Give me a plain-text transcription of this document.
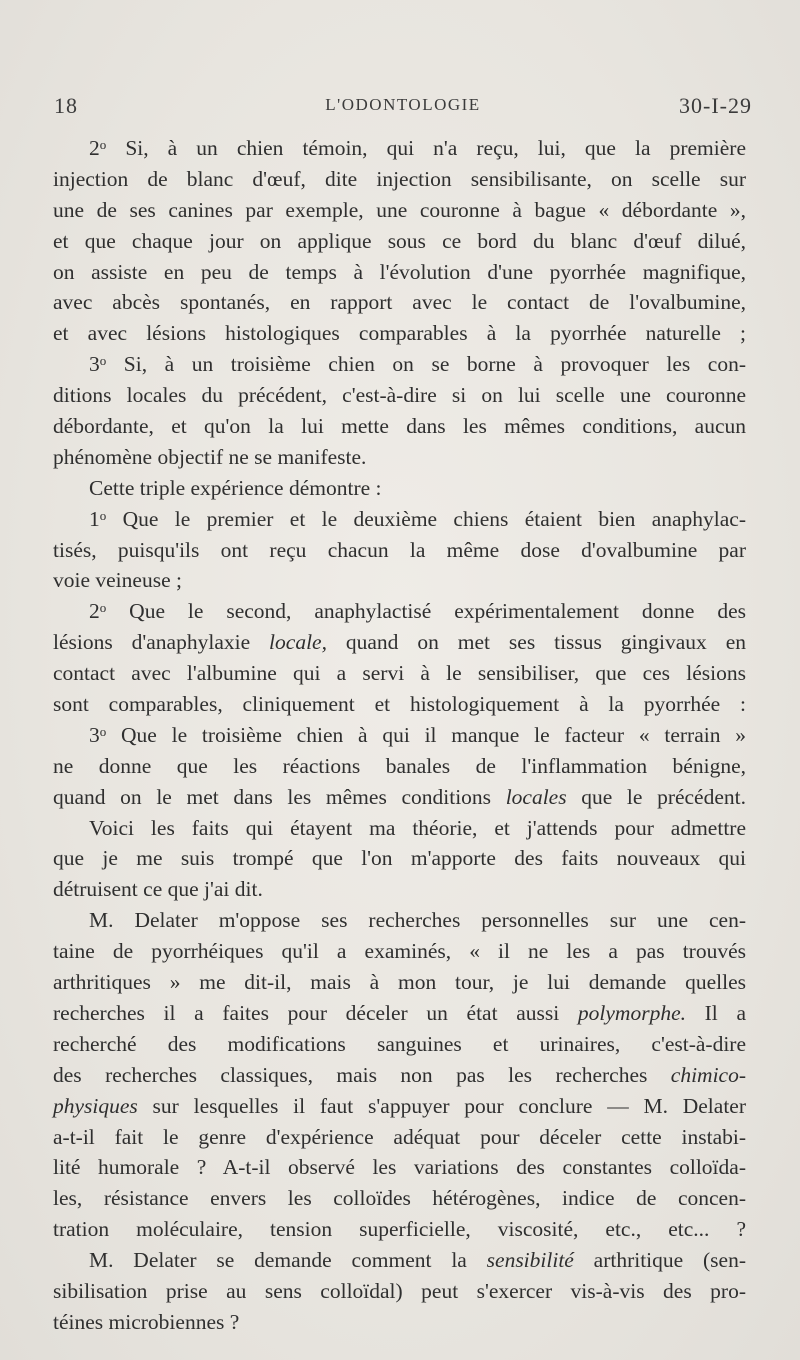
18	L'ODONTOLOGIE	30-I-29
2$^o$ Si, à un chien témoin, qui n'a reçu, lui, que la première
injection de blanc d'œuf, dite injection sensibilisante, on scelle sur
une de ses canines par exemple, une couronne à bague « débordante »,
et que chaque jour on applique sous ce bord du blanc d'œuf dilué,
on assiste en peu de temps à l'évolution d'une pyorrhée magnifique,
avec abcès spontanés, en rapport avec le contact de l'ovalbumine,
et avec lésions histologiques comparables à la pyorrhée naturelle ;
3$^o$ Si, à un troisième chien on se borne à provoquer les con-
ditions locales du précédent, c'est-à-dire si on lui scelle une couronne
débordante, et qu'on la lui mette dans les mêmes conditions, aucun
phénomène objectif ne se manifeste.
Cette triple expérience démontre :
1$^o$ Que le premier et le deuxième chiens étaient bien anaphylac-
tisés, puisqu'ils ont reçu chacun la même dose d'ovalbumine par
voie veineuse ;
2$^o$ Que le second, anaphylactisé expérimentalement donne des
lésions d'anaphylaxie locale, quand on met ses tissus gingivaux en
contact avec l'albumine qui a servi à le sensibiliser, que ces lésions
sont comparables, cliniquement et histologiquement à la pyorrhée :
3$^o$ Que le troisième chien à qui il manque le facteur « terrain »
ne donne que les réactions banales de l'inflammation bénigne,
quand on le met dans les mêmes conditions locales que le précédent.
Voici les faits qui étayent ma théorie, et j'attends pour admettre
que je me suis trompé que l'on m'apporte des faits nouveaux qui
détruisent ce que j'ai dit.
M. Delater m'oppose ses recherches personnelles sur une cen-
taine de pyorrhéiques qu'il a examinés, « il ne les a pas trouvés
arthritiques » me dit-il, mais à mon tour, je lui demande quelles
recherches il a faites pour déceler un état aussi polymorphe. Il a
recherché des modifications sanguines et urinaires, c'est-à-dire
des recherches classiques, mais non pas les recherches chimico-
physiques sur lesquelles il faut s'appuyer pour conclure — M. Delater
a-t-il fait le genre d'expérience adéquat pour déceler cette instabi-
lité humorale ? A-t-il observé les variations des constantes colloïda-
les, résistance envers les colloïdes hétérogènes, indice de concen-
tration moléculaire, tension superficielle, viscosité, etc., etc... ?
M. Delater se demande comment la sensibilité arthritique (sen-
sibilisation prise au sens colloïdal) peut s'exercer vis-à-vis des pro-
téines microbiennes ?
